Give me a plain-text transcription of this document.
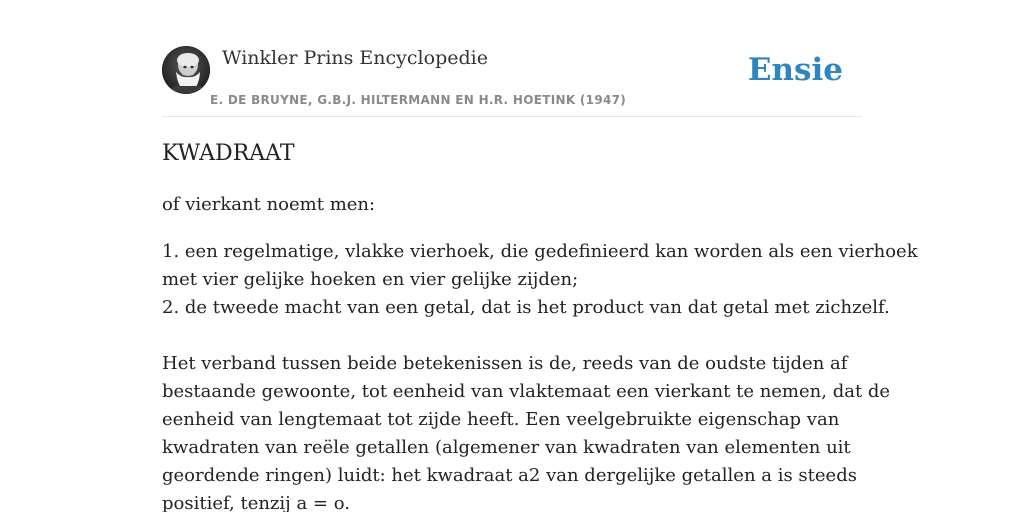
Winkler Prins Encyclopedie
E. DE BRUYNE, G.B.J. HILTERMANN EN H.R. HOETINK (1947)
Ensie
KWADRAAT

of vierkant noemt men:

1. een regelmatige, vlakke vierhoek, die gedefinieerd kan worden als een vierhoek
met vier gelijke hoeken en vier gelijke zijden;
2. de tweede macht van een getal, dat is het product van dat getal met zichzelf.
Het verband tussen beide betekenissen is de, reeds van de oudste tijden af
bestaande gewoonte, tot eenheid van vlaktemaat een vierkant te nemen, dat de
eenheid van lengtemaat tot zijde heeft. Een veelgebruikte eigenschap van
kwadraten van reële getallen (algemener van kwadraten van elementen uit
geordende ringen) luidt: het kwadraat a2 van dergelijke getallen a is steeds
positief, tenzij a = o.
